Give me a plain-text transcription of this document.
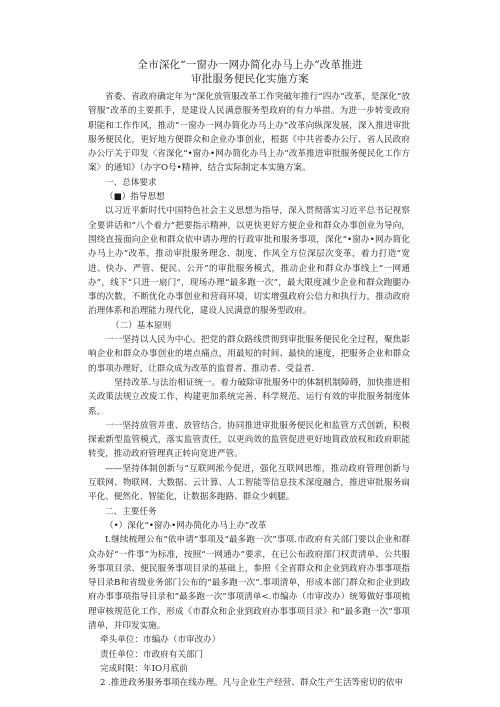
全市深化“一窗办一网办简化办马上办”改革推进
审批服务便民化实施方案

省委、省政府确定年为“深化放管服改革工作突破年推行“四办”改革，是深化“放管服”改革的主要抓手，是建设人民满意服务型政府的有力举措。为进一步转变政府职能和工作作风，推动“一窗办一网办简化办马上办”改革向纵深发展，深入推进审批服务便民化，更好地方便群众和企业办事创业，根据《中共省委办公厅、省人民政府办公厅关于印发〈省深化“•窗办•网办简化办马上办”改革推进审批服务便民化工作方案〉的通知》（办字O号•精神，结合实际制定本实施方案。

一、总体要求

（■）指导思想

以习近平新时代中国特色社会主义思想为指导，深入贯彻落实习近平总书记视察全要讲话和“八个着力”把要指示精神，以更快更好方便企业和群众办事创业为导向，围绕直接面向企业和群众依申请办理的行政审批和服务事项，深化“•窗办•网办简化办马上办”改革，推动审批服务理念、制度、作风全方位深层次变革，着力打造“宽进、快办、严管、便民、公开”的审批服务模式，推动企业和群众办事线上“一网通办”，线下“只进一扇门”，现场办理“最多跑一次”，最大限度减少企业和群众跑腿办事的次数，不断优化办事创业和营商环境，切实增强政府公信力和执行力，推动政府治理体系和治理能力现代化，建设人民满意的服务型政府。

（二）基本原则

一一坚持以人民为中心。把党的群众路线贯彻到审批服务便民化全过程，聚焦影响企业和群众办事创业的堵点痛点，用最短的时间、最快的速度，把服务企业和群众的事项办理好，让群众成为改革的监督者、推动者、受益者.

坚持改革.与法治相证统一。着力破除审批服务中的体制机制障碍，加快推进相关政策法规立改废工作，构建更加系统完善、科学规范、运行有效的审批服务制度体系。

一一坚持放管并重、放管结合。协同推进审批服务便民化和监管方式创新，积极探索新型监管模式，落实监管责任，以更尚效的监管促进更好地简政放权和政府职能转变，推动政府管理真正转向宽进严管。

——坚持体制创新与“互联网淞今促进，强化互联网思维，推动政府管理创新与互联网、物联网、大数据、云计算、人工智能等信息技术深度融合，推进审批服务扁平化、便然化、智能化，让数据多跑路、群众少剌腿。

二、主要任务

（•）深化“•窗办•网办简化办马上办”改革

I.继续梳理公布“依申请”事项及“最多跑一次”事项.市政府有关部门要以企业和群众办好“一件事”为标准，按照“一网通办”要求，在已公布政府部门权责清单、公共服务事项目录、便民服务事项目录的基础上，参照《全省群众和企业到政府办事事项指导目录B和省级业务部门公布的“最多跑一次”.事项清单，形成本部门群众和企业到政府办事事项指导目录和“最多跑一次”事项清单<.市编办（市审改办）统筹做好事项梳理审核规范化工作，形成《市群众和企业到政府办事事项目录》和“最多跑一次”事项清单，并印发实施。

牵头单位：市编办（市审改办）

责任单位：市政府有关部门

完成时限：年IO月底前

2 .推进政务服务事项在线办理。凡与企业生产经营、群众生产生活等密切的依申
